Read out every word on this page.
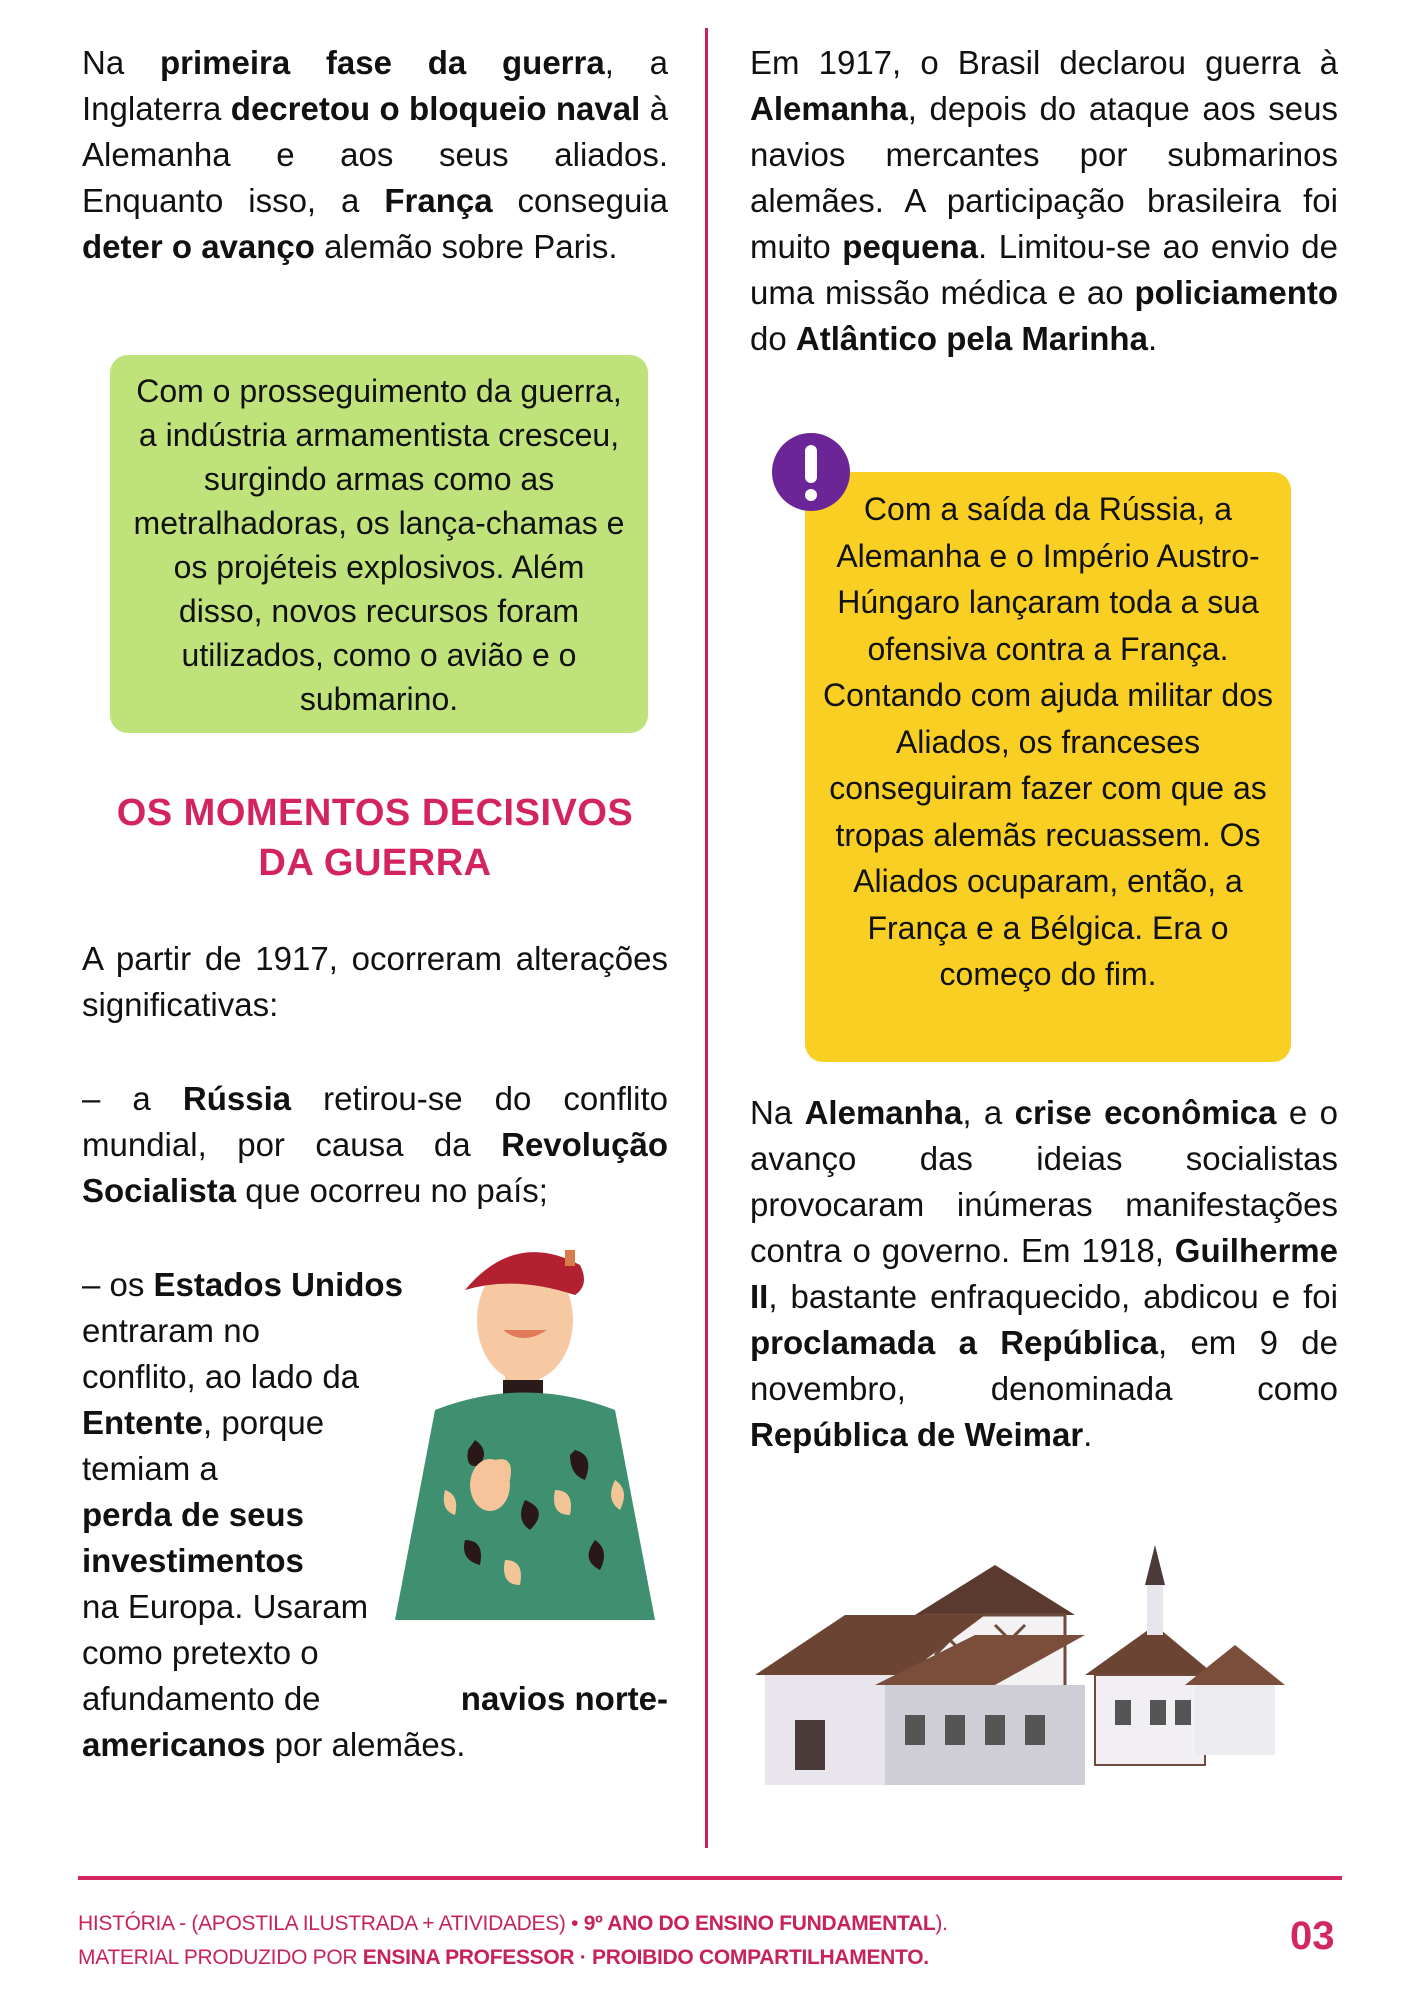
Na primeira fase da guerra, a Inglaterra decretou o bloqueio naval à Alemanha e aos seus aliados. Enquanto isso, a França conseguia deter o avanço alemão sobre Paris.

Com o prosseguimento da guerra, a indústria armamentista cresceu, surgindo armas como as metralhadoras, os lança-chamas e os projéteis explosivos. Além disso, novos recursos foram utilizados, como o avião e o submarino.
OS MOMENTOS DECISIVOS
DA GUERRA

A partir de 1917, ocorreram alterações significativas:

– a Rússia retirou-se do conflito mundial, por causa da Revolução Socialista que ocorreu no país;

– os Estados Unidos
entraram no
conflito, ao lado da
Entente, porque
temiam a
perda de seus
investimentos
na Europa. Usaram
como pretexto o
afundamento de	navios norte-
americanos por alemães.

Em 1917, o Brasil declarou guerra à Alemanha, depois do ataque aos seus navios mercantes por submarinos alemães. A participação brasileira foi muito pequena. Limitou-se ao envio de uma missão médica e ao policiamento do Atlântico pela Marinha.

Com a saída da Rússia, a Alemanha e o Império Austro-Húngaro lançaram toda a sua ofensiva contra a França. Contando com ajuda militar dos Aliados, os franceses conseguiram fazer com que as tropas alemãs recuassem. Os Aliados ocuparam, então, a França e a Bélgica. Era o começo do fim.

Na Alemanha, a crise econômica e o avanço das ideias socialistas provocaram inúmeras manifestações contra o governo. Em 1918, Guilherme II, bastante enfraquecido, abdicou e foi proclamada a República, em 9 de novembro, denominada como República de Weimar.

HISTÓRIA - (APOSTILA ILUSTRADA + ATIVIDADES) • 9º ANO DO ENSINO FUNDAMENTAL).
MATERIAL PRODUZIDO POR ENSINA PROFESSOR · PROIBIDO COMPARTILHAMENTO.	03
